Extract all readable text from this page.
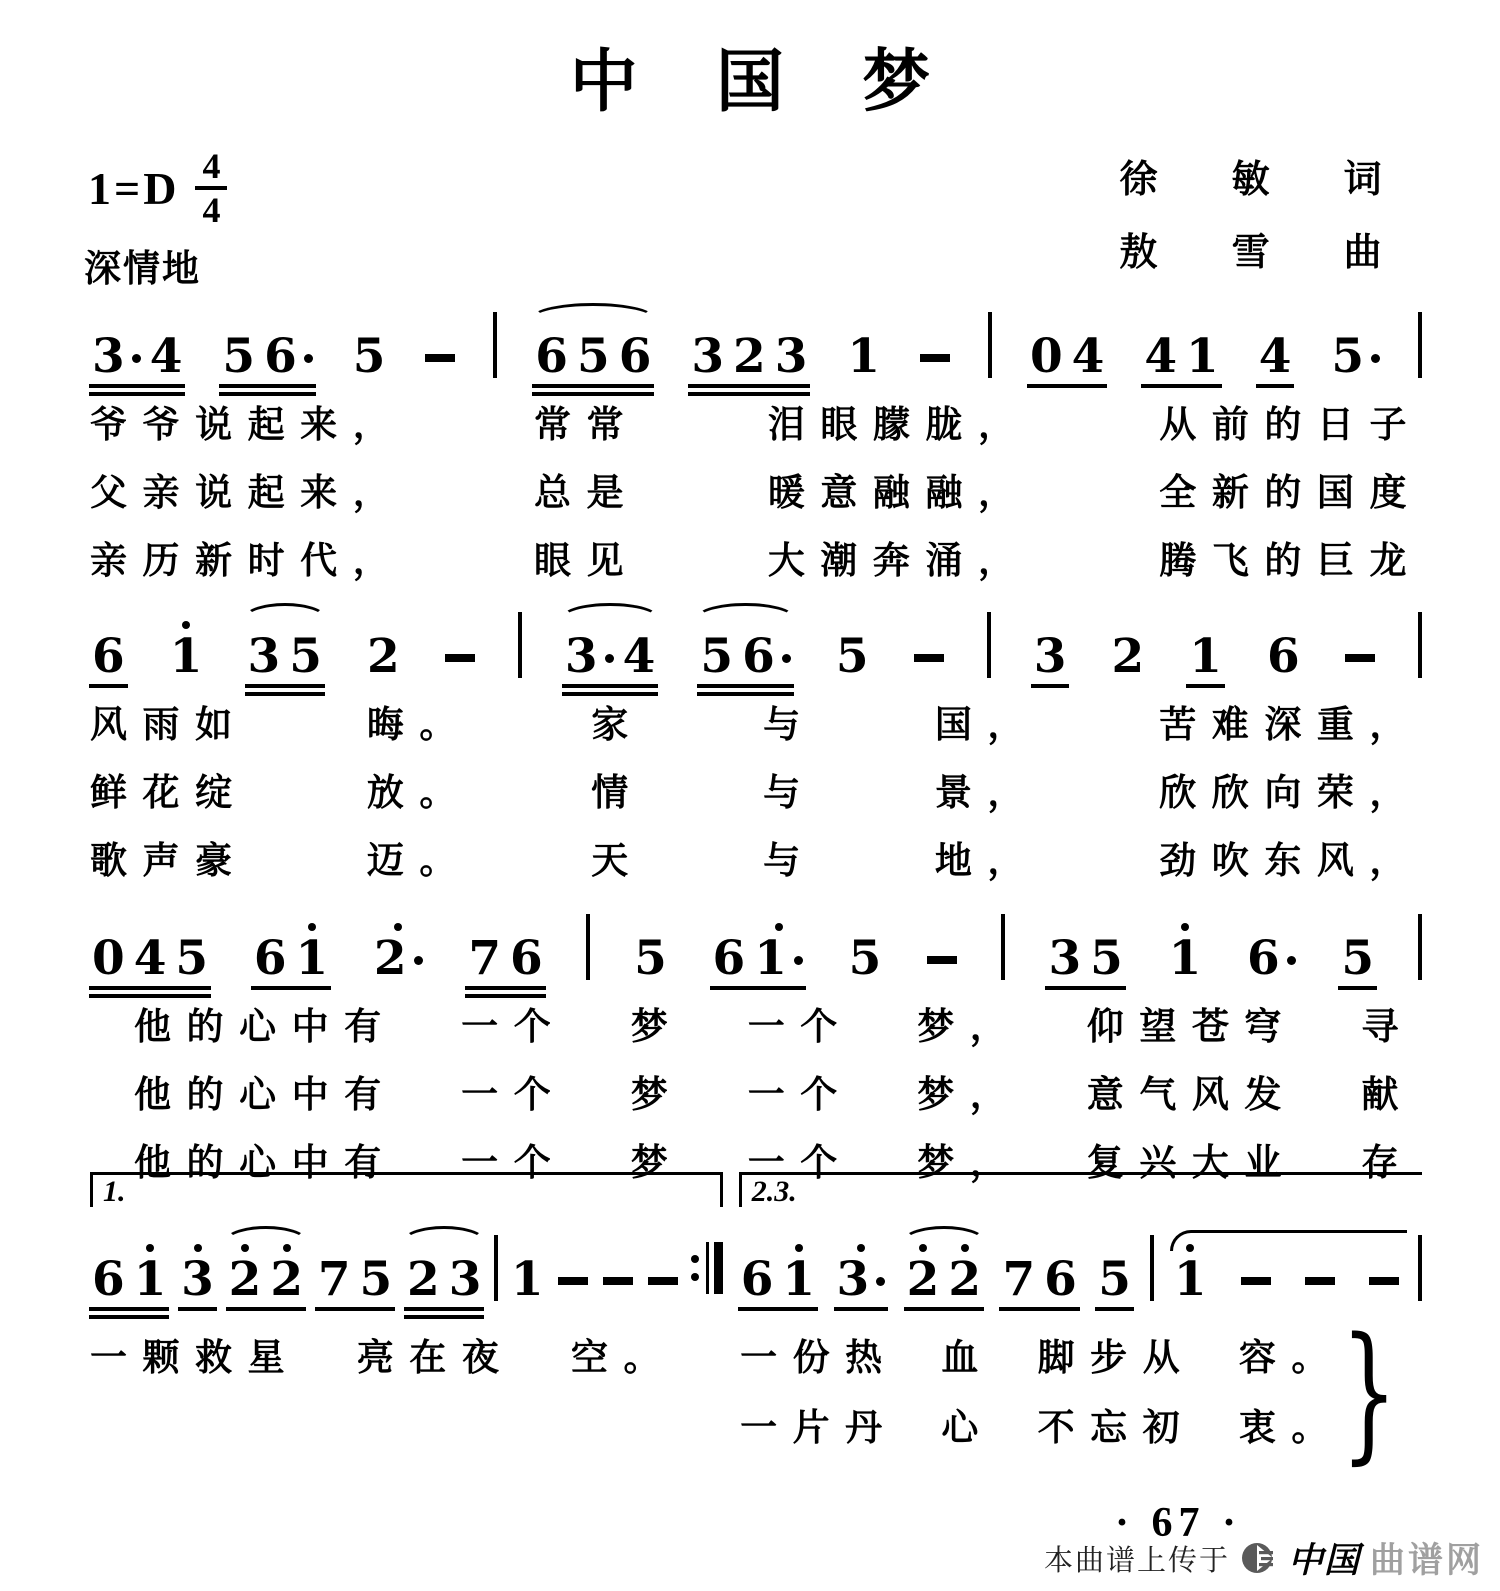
中国梦
$1=D \frac{4}{4}$
深情地
徐 敏 词
敖 雪 曲
3 4 5 6 5	6 5 6 3 2 3 1	0 4 4 1 4 5
爷爷说起来，	常常	泪眼朦胧，	从前的日子
父亲说起来，	总是	暖意融融，	全新的国度
亲历新时代，	眼见	大潮奔涌，	腾飞的巨龙
6 1 3 5 2	3 4 5 6 5	3 2 1 6
风雨如	晦。	家	与	国，	苦难深重，
鲜花绽	放。	情	与	景，	欣欣向荣，
歌声豪	迈。	天	与	地，	劲吹东风，
0 4 5 6 1 2 7 6 5 6 1 5	3 5 1 6 5
他的心中有 一个 梦 一个 梦， 仰望苍穹 寻
他的心中有 一个 梦 一个 梦， 意气风发 献
他的心中有 一个 梦 一个 梦， 复兴大业 存
1.
6 1 3 2 2 7 5 2 3 1
2.3.
6 1 3 2 2 7 6 5 1
一颗救星 亮在夜 空。	}
一份热 血 脚步从 容。
一片丹 心 不忘初 衷。
· 67 ·
本曲谱上传于 中国 曲谱网
